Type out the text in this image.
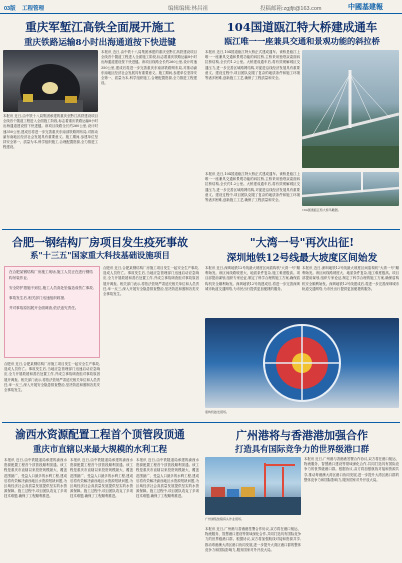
03版 工程管理	编辑编辑:林昌祖	投稿邮箱:zgjfjt@163.com	中國基建報
重庆军堑江高铁全面展开施工
重庆铁路运输8小时出海通道按下快进键
本报讯 近日,由中铁十八局集团承建的重庆至黔江高铁建设项目全线首个隧道工程进入全面施工阶段,标志着重庆铁路运输8小时出海通道建设按下快进键。该项目线路全长约260公里,设计时速350公里,建成后将进一步完善重庆东南部铁路网布局,对推动渝东南地区经济社会发展具有重要意义。施工期间,参建单位坚持安全第一、质量为本,科学组织施工,合理配置资源,全力推进工程建设。
本报讯 近日,由中铁十八局集团承建的重庆至黔江高铁建设项目全线首个隧道工程进入全面施工阶段,标志着重庆铁路运输8小时出海通道建设按下快进键。该项目线路全长约260公里,设计时速350公里,建成后将进一步完善重庆东南部铁路网布局,对推动渝东南地区经济社会发展具有重要意义。施工期间,参建单位坚持安全第一、质量为本,科学组织施工,合理配置资源,全力推进工程建设。
104国道瓯江特大桥建成通车
瓯江唯一一座兼具交通和景观功能的斜拉桥
本报讯 近日,104国道瓯江特大桥正式建成通车。该桥是瓯江上唯一一座兼具交通和景观功能的斜拉桥,主桥采用独塔双索面斜拉桥结构,全长约1.2公里。大桥建成通车后,将有效缓解城区交通压力,进一步完善区域路网结构,对促进沿线经济发展具有重要意义。建设过程中,项目团队克服了复杂的地质条件和施工环境等诸多困难,创新施工工艺,确保了工程质量和安全。
本报讯 近日,104国道瓯江特大桥正式建成通车。该桥是瓯江上唯一一座兼具交通和景观功能的斜拉桥,主桥采用独塔双索面斜拉桥结构,全长约1.2公里。大桥建成通车后,将有效缓解城区交通压力,进一步完善区域路网结构,对促进沿线经济发展具有重要意义。建设过程中,项目团队克服了复杂的地质条件和施工环境等诸多困难,创新施工工艺,确保了工程质量和安全。
104国道瓯江特大桥鸟瞰图。
合肥一钢结构厂房项目发生疫死事故
系"十三五"国家重大科技基础设施项目

在合肥某钢结构厂房施工现场,施工人员正在进行钢结构吊装作业,

安全防护措施不到位,施工人员高处坠落造成伤亡事故,

事故发生后,相关部门迅速组织救援,

并对事故原因展开全面调查,依法追究责任。

合肥讯 近日,合肥某钢结构厂房施工项目发生一起安全生产事故,造成人员伤亡。事故发生后,当地应急管理部门迅速启动应急响应,全力开展救援和善后处置工作,并成立事故调查组对事故原因展开调查。相关部门表示,将依法依规严肃追究相关单位和人员责任,举一反三,深入开展安全隐患排查整治,坚决防范和遏制各类安全事故发生。
合肥讯 近日,合肥某钢结构厂房施工项目发生一起安全生产事故,造成人员伤亡。事故发生后,当地应急管理部门迅速启动应急响应,全力开展救援和善后处置工作,并成立事故调查组对事故原因展开调查。相关部门表示,将依法依规严肃追究相关单位和人员责任,举一反三,深入开展安全隐患排查整治,坚决防范和遏制各类安全事故发生。
"大湾一号"再次出征!
深圳地铁12号线最大坡度区间始发
本报讯 近日,深圳地铁12号线最大坡度区间盾构机"大湾一号"顺利始发。该区间线路坡度大、地质条件复杂,施工难度极高。项目部提前谋划,组织专家论证,制定了科学合理的施工方案,确保盾构机安全顺利始发。深圳地铁12号线建成后,将进一步完善深圳城市轨道交通网络,为市民出行提供更加便捷的服务。
本报讯 近日,深圳地铁12号线最大坡度区间盾构机"大湾一号"顺利始发。该区间线路坡度大、地质条件复杂,施工难度极高。项目部提前谋划,组织专家论证,制定了科学合理的施工方案,确保盾构机安全顺利始发。深圳地铁12号线建成后,将进一步完善深圳城市轨道交通网络,为市民出行提供更加便捷的服务。
盾构机始发现场。
渝西水资源配置工程首个顶管段顶通
重庆市直辖以来最大规模的水利工程
本报讯 近日,由中铁隧道局承建的渝西水资源配置工程首个顶管段顺利顶通。该工程是重庆市直辖以来投资规模最大、覆盖范围最广、受益人口最多的水利工程,建成后将有效解决渝西地区水资源短缺问题,为区域经济社会高质量发展提供坚实的水资源保障。施工过程中,项目团队攻克了多项技术难题,确保了工程顺利推进。
本报讯 近日,由中铁隧道局承建的渝西水资源配置工程首个顶管段顺利顶通。该工程是重庆市直辖以来投资规模最大、覆盖范围最广、受益人口最多的水利工程,建成后将有效解决渝西地区水资源短缺问题,为区域经济社会高质量发展提供坚实的水资源保障。施工过程中,项目团队攻克了多项技术难题,确保了工程顺利推进。
本报讯 近日,由中铁隧道局承建的渝西水资源配置工程首个顶管段顺利顶通。该工程是重庆市直辖以来投资规模最大、覆盖范围最广、受益人口最多的水利工程,建成后将有效解决渝西地区水资源短缺问题,为区域经济社会高质量发展提供坚实的水资源保障。施工过程中,项目团队攻克了多项技术难题,确保了工程顺利推进。
广州港将与香港港加强合作
打造具有国际竞争力的世界级港口群
广州港集装箱码头作业现场。
本报讯 近日,广州港与香港港签署合作协议,双方将在港口航运、物流服务、智慧港口建设等领域深化合作,共同打造具有国际竞争力的世界级港口群。根据协议,双方将加强航线对接和资源共享,推动粤港澳大湾区港口协同发展,进一步提升大湾区港口群的整体竞争力和国际影响力,服务国家对外开放大局。
本报讯 近日,广州港与香港港签署合作协议,双方将在港口航运、物流服务、智慧港口建设等领域深化合作,共同打造具有国际竞争力的世界级港口群。根据协议,双方将加强航线对接和资源共享,推动粤港澳大湾区港口协同发展,进一步提升大湾区港口群的整体竞争力和国际影响力,服务国家对外开放大局。
